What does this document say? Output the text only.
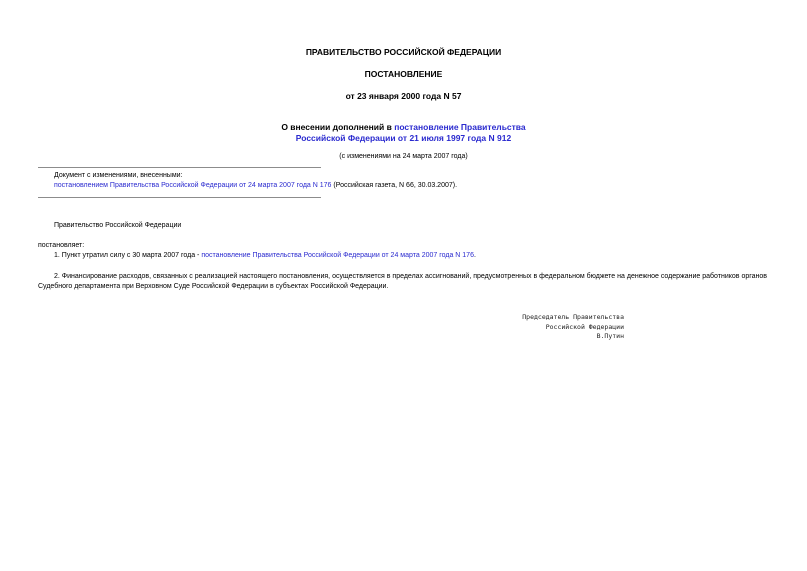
ПРАВИТЕЛЬСТВО РОССИЙСКОЙ ФЕДЕРАЦИИ
ПОСТАНОВЛЕНИЕ
от 23 января 2000 года N 57
О внесении дополнений в постановление Правительства
Российской Федерации от 21 июля 1997 года N 912
(с изменениями на 24 марта 2007 года)
Документ с изменениями, внесенными:
постановлением Правительства Российской Федерации от 24 марта 2007 года N 176 (Российская газета, N 66, 30.03.2007).
Правительство Российской Федерации
постановляет:
1. Пункт утратил силу с 30 марта 2007 года - постановление Правительства Российской Федерации от 24 марта 2007 года N 176.
2. Финансирование расходов, связанных с реализацией настоящего постановления, осуществляется в пределах ассигнований, предусмотренных в федеральном бюджете на денежное содержание работников органов Судебного департамента при Верховном Суде Российской Федерации в субъектах Российской Федерации.
Председатель Правительства
Российской Федерации
В.Путин
